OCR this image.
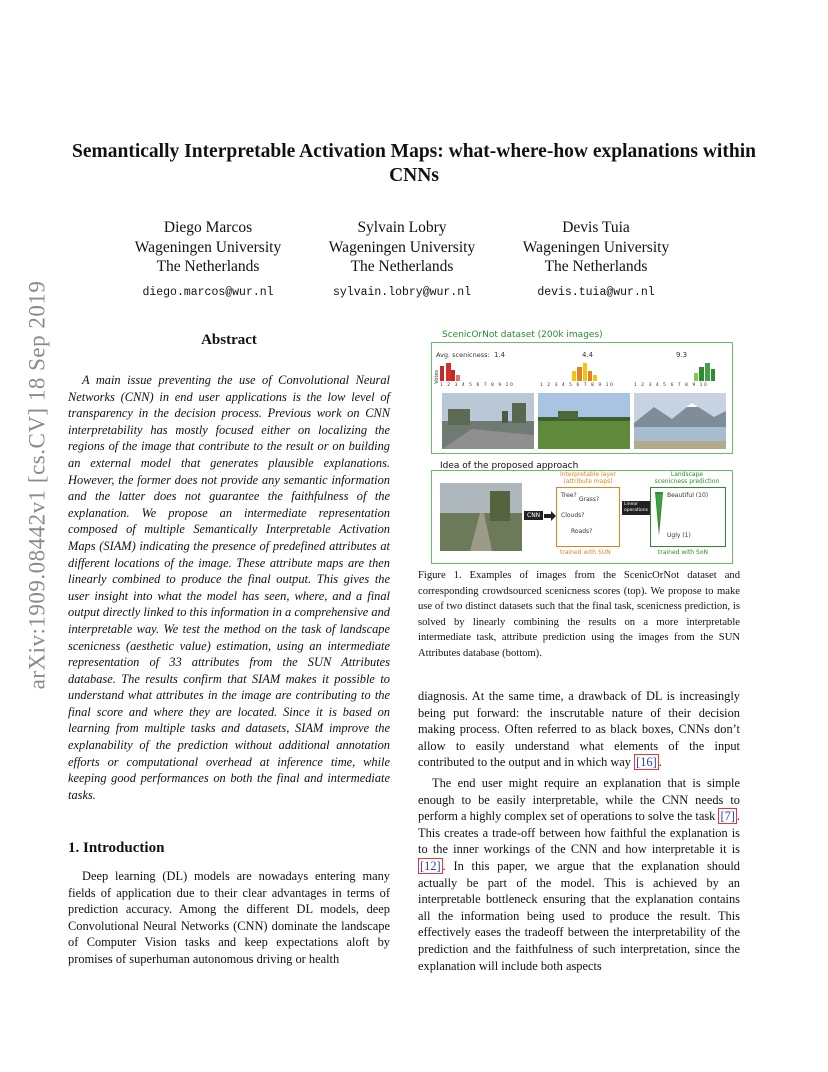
arXiv:1909.08442v1 [cs.CV] 18 Sep 2019
Semantically Interpretable Activation Maps: what-where-how explanations within CNNs
Diego Marcos
Wageningen University
The Netherlands
diego.marcos@wur.nl
Sylvain Lobry
Wageningen University
The Netherlands
sylvain.lobry@wur.nl
Devis Tuia
Wageningen University
The Netherlands
devis.tuia@wur.nl
Abstract

A main issue preventing the use of Convolutional Neural Networks (CNN) in end user applications is the low level of transparency in the decision process. Previous work on CNN interpretability has mostly focused either on localizing the regions of the image that contribute to the result or on building an external model that generates plausible explanations. However, the former does not provide any semantic information and the latter does not guarantee the faithfulness of the explanation. We propose an intermediate representation composed of multiple Semantically Interpretable Activation Maps (SIAM) indicating the presence of predefined attributes at different locations of the image. These attribute maps are then linearly combined to produce the final output. This gives the user insight into what the model has seen, where, and a final output directly linked to this information in a comprehensive and interpretable way. We test the method on the task of landscape scenicness (aesthetic value) estimation, using an intermediate representation of 33 attributes from the SUN Attributes database. The results confirm that SIAM makes it possible to understand what attributes in the image are contributing to the final score and where they are located. Since it is based on learning from multiple tasks and datasets, SIAM improve the explanability of the prediction without additional annotation efforts or computational overhead at inference time, while keeping good performances on both the final and intermediate tasks.

1. Introduction

Deep learning (DL) models are nowadays entering many fields of application due to their clear advantages in terms of prediction accuracy. Among the different DL models, deep Convolutional Neural Networks (CNN) dominate the landscape of Computer Vision tasks and keep expectations aloft by promises of superhuman autonomous driving or health

ScenicOrNot dataset (200k images)
Avg. scenicness: 1.4	4.4	9.3
Votes
1 2 3 4 5 6 7 8 9 10	1 2 3 4 5 6 7 8 9 10	1 2 3 4 5 6 7 8 9 10
Idea of the proposed approach
CNN
Interpretable layer
(attribute maps)
Tree?
Grass?
Clouds?
Roads?
Linear
operations
Landscape
scenicness prediction
Beautiful (10)
Ugly (1)
trained with SUN	trained with SoN
Figure 1. Examples of images from the ScenicOrNot dataset and corresponding crowdsourced scenicness scores (top). We propose to make use of two distinct datasets such that the final task, scenicness prediction, is solved by linearly combining the results on a more interpretable intermediate task, attribute prediction using the images from the SUN Attributes database (bottom).

diagnosis. At the same time, a drawback of DL is increasingly being put forward: the inscrutable nature of their decision making process. Often referred to as black boxes, CNNs don’t allow to easily understand what elements of the input contributed to the output and in which way [16] .

The end user might require an explanation that is simple enough to be easily interpretable, while the CNN needs to perform a highly complex set of operations to solve the task [7] . This creates a trade-off between how faithful the explanation is to the inner workings of the CNN and how interpretable it is [12] . In this paper, we argue that the explanation should actually be part of the model. This is achieved by an interpretable bottleneck ensuring that the explanation contains all the information being used to produce the result. This effectively eases the tradeoff between the interpretability of the prediction and the faithfulness of such interpretation, since the explanation will include both aspects
